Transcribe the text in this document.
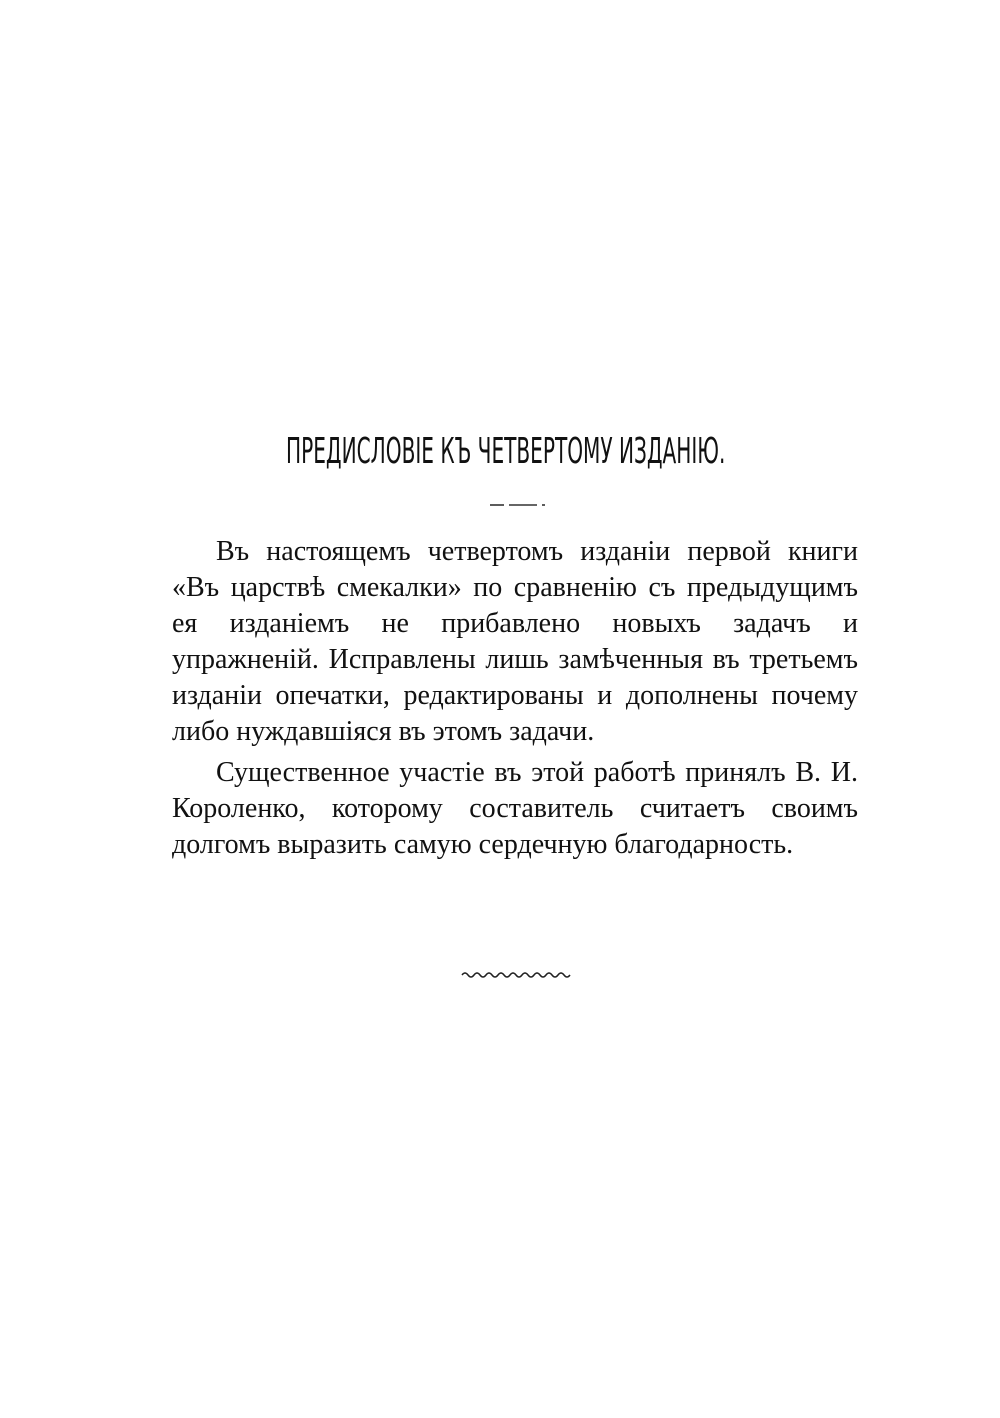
ПРЕДИСЛОВІЕ КЪ ЧЕТВЕРТОМУ ИЗДАНІЮ.

Въ настоящемъ четвертомъ изданіи первой книги «Въ царствѣ смекалки» по сравненію съ предыдущимъ ея изданіемъ не прибавлено новыхъ задачъ и упражненій. Исправлены лишь замѣченныя въ третьемъ изданіи опечатки, редактированы и дополнены почему либо нуждавшіяся въ этомъ задачи.

Существенное участіе въ этой работѣ принялъ В. И. Короленко, которому составитель считаетъ своимъ долгомъ выразить самую сердечную благодарность.
